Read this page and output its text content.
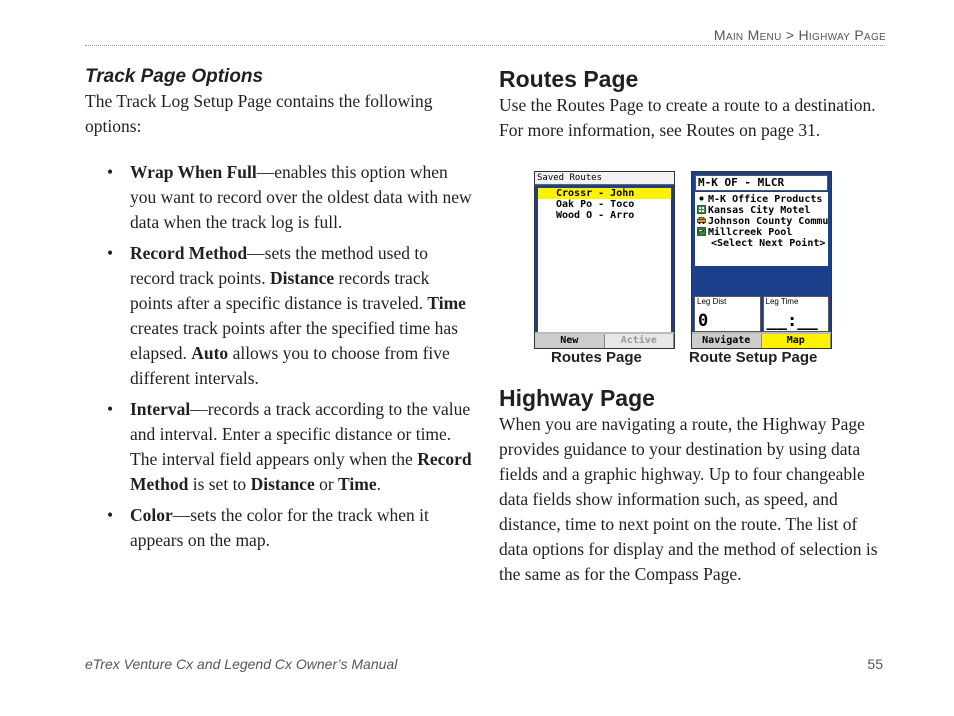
Main Menu > Highway Page
Track Page Options

The Track Log Setup Page contains the following options:

• Wrap When Full—enables this option when you want to record over the oldest data with new data when the track log is full.
• Record Method—sets the method used to record track points. Distance records track points after a specific distance is traveled. Time creates track points after the specified time has elapsed. Auto allows you to choose from five different intervals.
• Interval—records a track according to the value and interval. Enter a specific distance or time. The interval field appears only when the Record Method is set to Distance or Time.
• Color—sets the color for the track when it appears on the map.
Routes Page

Use the Routes Page to create a route to a destination. For more information, see Routes on page 31.

Saved Routes
Crossr - John
Oak Po - Toco
Wood O - Arro
New	Active
Routes Page
M-K OF - MLCR
M-K Office Products
Kansas City Motel
Johnson County Commu
Millcreek Pool
<Select Next Point>
Leg Dist
0
Leg Time
__:__
Navigate	Map
Route Setup Page
Highway Page

When you are navigating a route, the Highway Page provides guidance to your destination by using data fields and a graphic highway. Up to four changeable data fields show information such, as speed, and distance, time to next point on the route. The list of data options for display and the method of selection is the same as for the Compass Page.

eTrex Venture Cx and Legend Cx Owner’s Manual	55
